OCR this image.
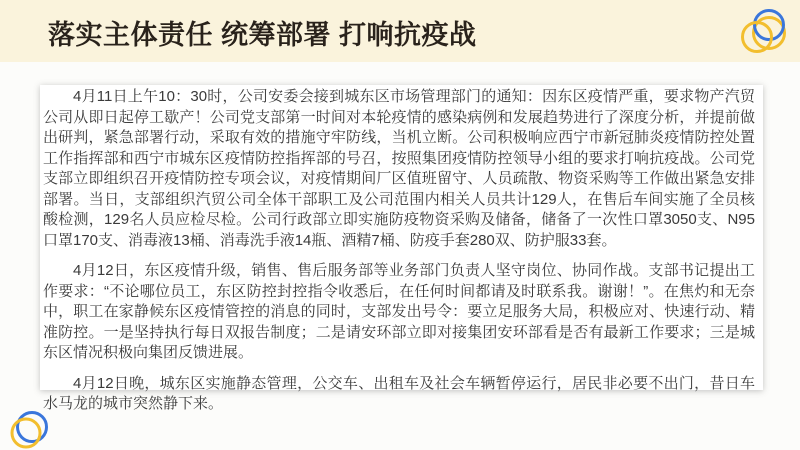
落实主体责任 统筹部署 打响抗疫战

4月11日上午10：30时，公司安委会接到城东区市场管理部门的通知：因东区疫情严重，要求物产汽贸公司从即日起停工歇产！公司党支部第一时间对本轮疫情的感染病例和发展趋势进行了深度分析，并提前做出研判，紧急部署行动，采取有效的措施守牢防线，当机立断。公司积极响应西宁市新冠肺炎疫情防控处置工作指挥部和西宁市城东区疫情防控指挥部的号召，按照集团疫情防控领导小组的要求打响抗疫战。公司党支部立即组织召开疫情防控专项会议，对疫情期间厂区值班留守、人员疏散、物资采购等工作做出紧急安排部署。当日，支部组织汽贸公司全体干部职工及公司范围内相关人员共计129人，在售后车间实施了全员核酸检测，129名人员应检尽检。公司行政部立即实施防疫物资采购及储备，储备了一次性口罩3050支、N95口罩170支、消毒液13桶、消毒洗手液14瓶、酒精7桶、防疫手套280双、防护服33套。

4月12日，东区疫情升级，销售、售后服务部等业务部门负责人坚守岗位、协同作战。支部书记提出工作要求：“不论哪位员工，东区防控封控指令收悉后，在任何时间都请及时联系我。谢谢！”。在焦灼和无奈中，职工在家静候东区疫情管控的消息的同时，支部发出号令：要立足服务大局，积极应对、快速行动、精准防控。一是坚持执行每日双报告制度；二是请安环部立即对接集团安环部看是否有最新工作要求；三是城东区情况积极向集团反馈进展。

4月12日晚，城东区实施静态管理，公交车、出租车及社会车辆暂停运行，居民非必要不出门，昔日车水马龙的城市突然静下来。
